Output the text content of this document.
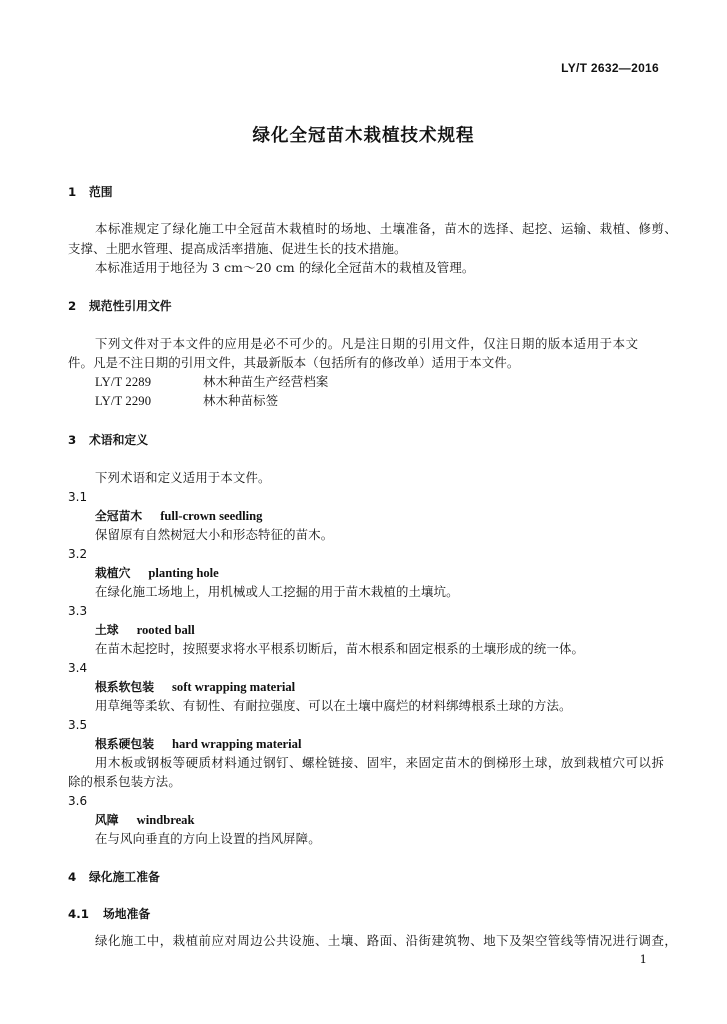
LY/T 2632—2016
绿化全冠苗木栽植技术规程
1 范围
本标准规定了绿化施工中全冠苗木栽植时的场地、土壤准备，苗木的选择、起挖、运输、栽植、修剪、
支撑、土肥水管理、提高成活率措施、促进生长的技术措施。
本标准适用于地径为 3 cm～20 cm 的绿化全冠苗木的栽植及管理。
2 规范性引用文件
下列文件对于本文件的应用是必不可少的。凡是注日期的引用文件，仅注日期的版本适用于本文
件。凡是不注日期的引用文件，其最新版本（包括所有的修改单）适用于本文件。
LY/T 2289	林木种苗生产经营档案
LY/T 2290	林木种苗标签
3 术语和定义
下列术语和定义适用于本文件。
3.1
全冠苗木 full-crown seedling
保留原有自然树冠大小和形态特征的苗木。
3.2
栽植穴 planting hole
在绿化施工场地上，用机械或人工挖掘的用于苗木栽植的土壤坑。
3.3
土球 rooted ball
在苗木起挖时，按照要求将水平根系切断后，苗木根系和固定根系的土壤形成的统一体。
3.4
根系软包装 soft wrapping material
用草绳等柔软、有韧性、有耐拉强度、可以在土壤中腐烂的材料绑缚根系土球的方法。
3.5
根系硬包装 hard wrapping material
用木板或钢板等硬质材料通过钢钉、螺栓链接、固牢，来固定苗木的倒梯形土球，放到栽植穴可以拆
除的根系包装方法。
3.6
风障 windbreak
在与风向垂直的方向上设置的挡风屏障。
4 绿化施工准备
4.1 场地准备
绿化施工中，栽植前应对周边公共设施、土壤、路面、沿街建筑物、地下及架空管线等情况进行调查，
1
